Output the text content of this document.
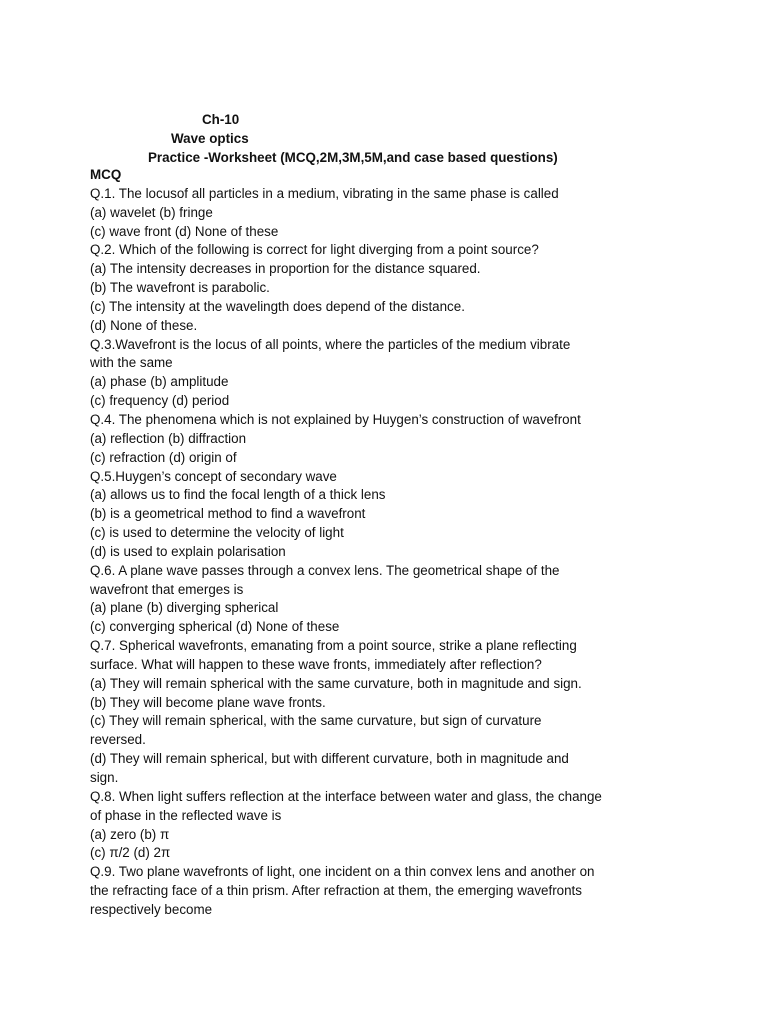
Ch-10
Wave optics
Practice -Worksheet (MCQ,2M,3M,5M,and case based questions)
MCQ
Q.1. The locusof all particles in a medium, vibrating in the same phase is called
(a) wavelet (b) fringe
(c) wave front (d) None of these
Q.2. Which of the following is correct for light diverging from a point source?
(a) The intensity decreases in proportion for the distance squared.
(b) The wavefront is parabolic.
(c) The intensity at the wavelingth does depend of the distance.
(d) None of these.
Q.3.Wavefront is the locus of all points, where the particles of the medium vibrate
with the same
(a) phase (b) amplitude
(c) frequency (d) period
Q.4. The phenomena which is not explained by Huygen’s construction of wavefront
(a) reflection (b) diffraction
(c) refraction (d) origin of
Q.5.Huygen’s concept of secondary wave
(a) allows us to find the focal length of a thick lens
(b) is a geometrical method to find a wavefront
(c) is used to determine the velocity of light
(d) is used to explain polarisation
Q.6. A plane wave passes through a convex lens. The geometrical shape of the
wavefront that emerges is
(a) plane (b) diverging spherical
(c) converging spherical (d) None of these
Q.7. Spherical wavefronts, emanating from a point source, strike a plane reflecting
surface. What will happen to these wave fronts, immediately after reflection?
(a) They will remain spherical with the same curvature, both in magnitude and sign.
(b) They will become plane wave fronts.
(c) They will remain spherical, with the same curvature, but sign of curvature
reversed.
(d) They will remain spherical, but with different curvature, both in magnitude and
sign.
Q.8. When light suffers reflection at the interface between water and glass, the change
of phase in the reflected wave is
(a) zero (b) π
(c) π/2 (d) 2π
Q.9. Two plane wavefronts of light, one incident on a thin convex lens and another on
the refracting face of a thin prism. After refraction at them, the emerging wavefronts
respectively become
